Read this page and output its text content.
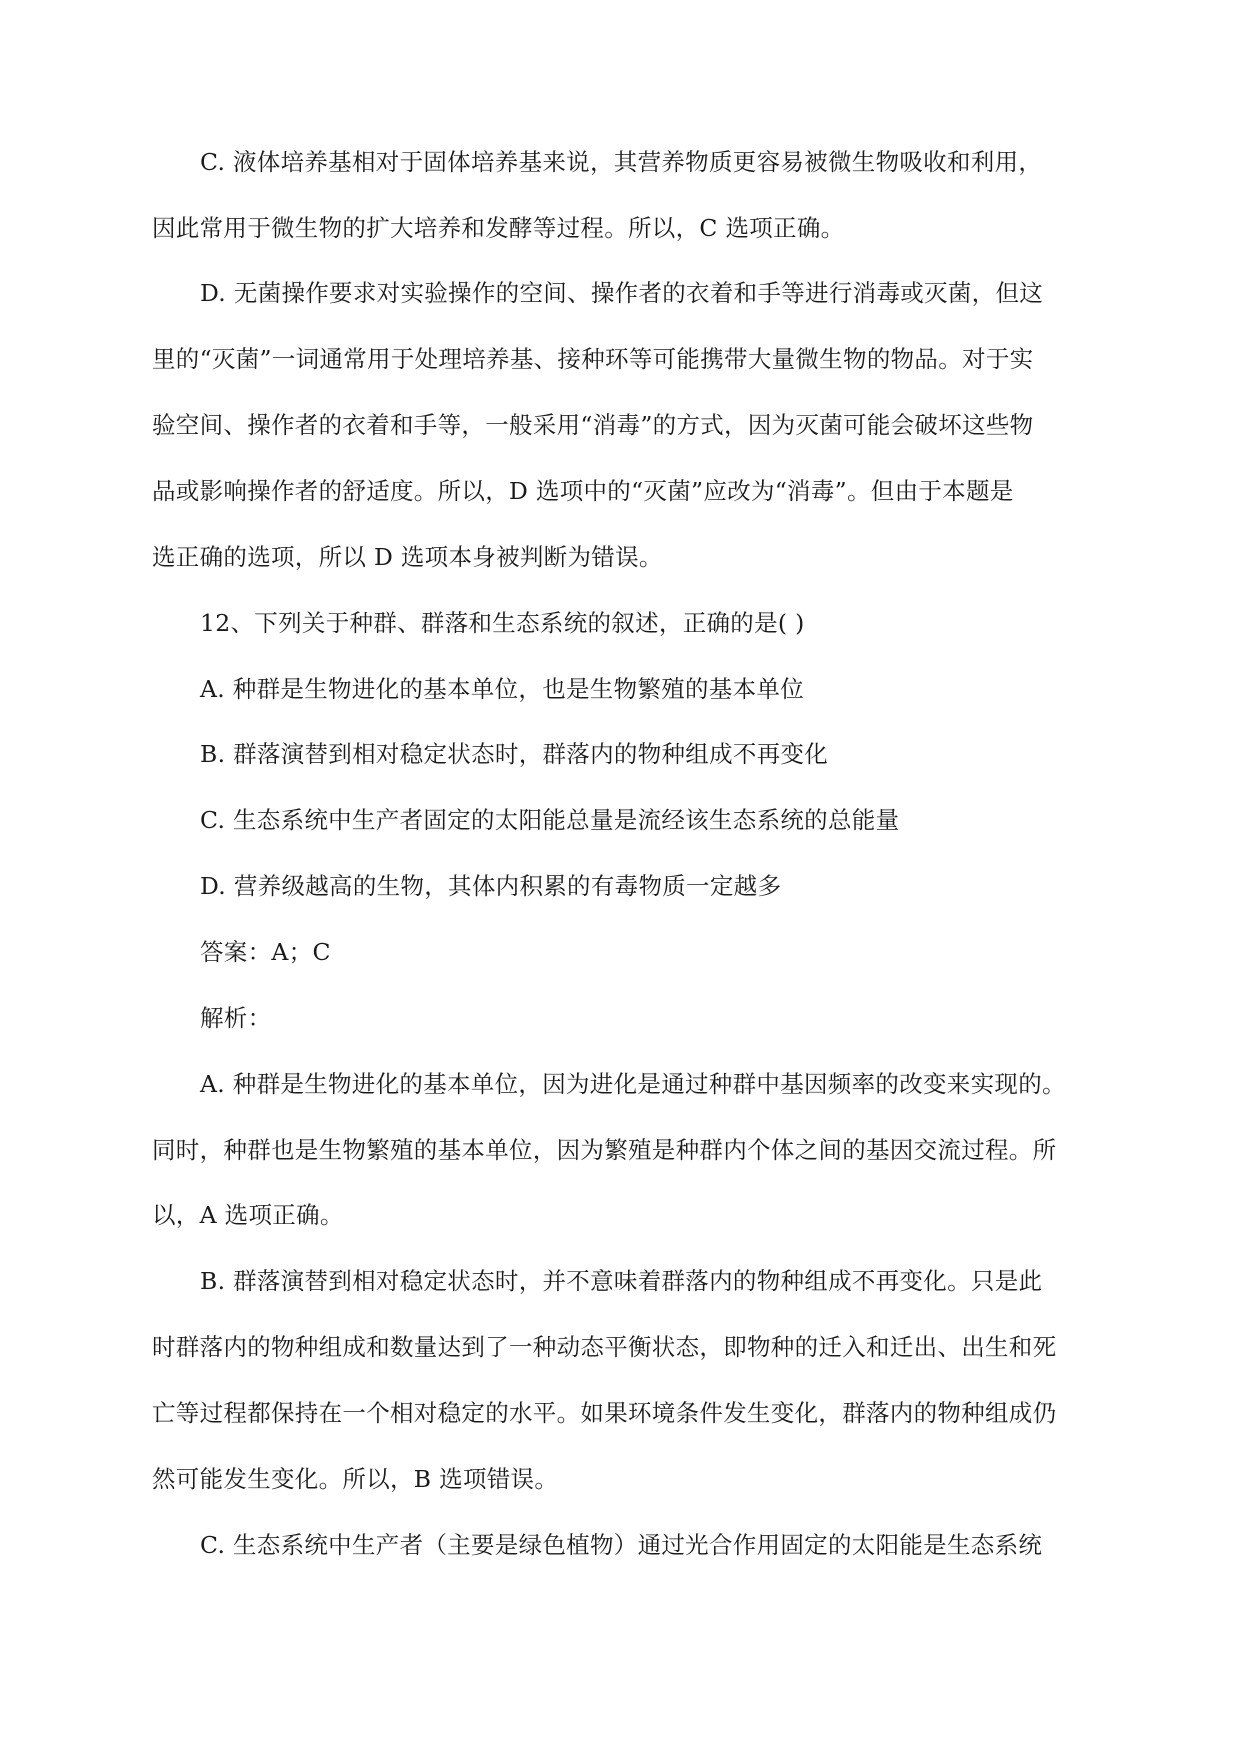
C. 液体培养基相对于固体培养基来说，其营养物质更容易被微生物吸收和利用，
因此常用于微生物的扩大培养和发酵等过程。所以，C 选项正确。
D. 无菌操作要求对实验操作的空间、操作者的衣着和手等进行消毒或灭菌，但这
里的“灭菌”一词通常用于处理培养基、接种环等可能携带大量微生物的物品。对于实
验空间、操作者的衣着和手等，一般采用“消毒”的方式，因为灭菌可能会破坏这些物
品或影响操作者的舒适度。所以，D 选项中的“灭菌”应改为“消毒”。但由于本题是
选正确的选项，所以 D 选项本身被判断为错误。
12、下列关于种群、群落和生态系统的叙述，正确的是( )
A. 种群是生物进化的基本单位，也是生物繁殖的基本单位
B. 群落演替到相对稳定状态时，群落内的物种组成不再变化
C. 生态系统中生产者固定的太阳能总量是流经该生态系统的总能量
D. 营养级越高的生物，其体内积累的有毒物质一定越多
答案：A；C
解析：
A. 种群是生物进化的基本单位，因为进化是通过种群中基因频率的改变来实现的。
同时，种群也是生物繁殖的基本单位，因为繁殖是种群内个体之间的基因交流过程。所
以，A 选项正确。
B. 群落演替到相对稳定状态时，并不意味着群落内的物种组成不再变化。只是此
时群落内的物种组成和数量达到了一种动态平衡状态，即物种的迁入和迁出、出生和死
亡等过程都保持在一个相对稳定的水平。如果环境条件发生变化，群落内的物种组成仍
然可能发生变化。所以，B 选项错误。
C. 生态系统中生产者（主要是绿色植物）通过光合作用固定的太阳能是生态系统
